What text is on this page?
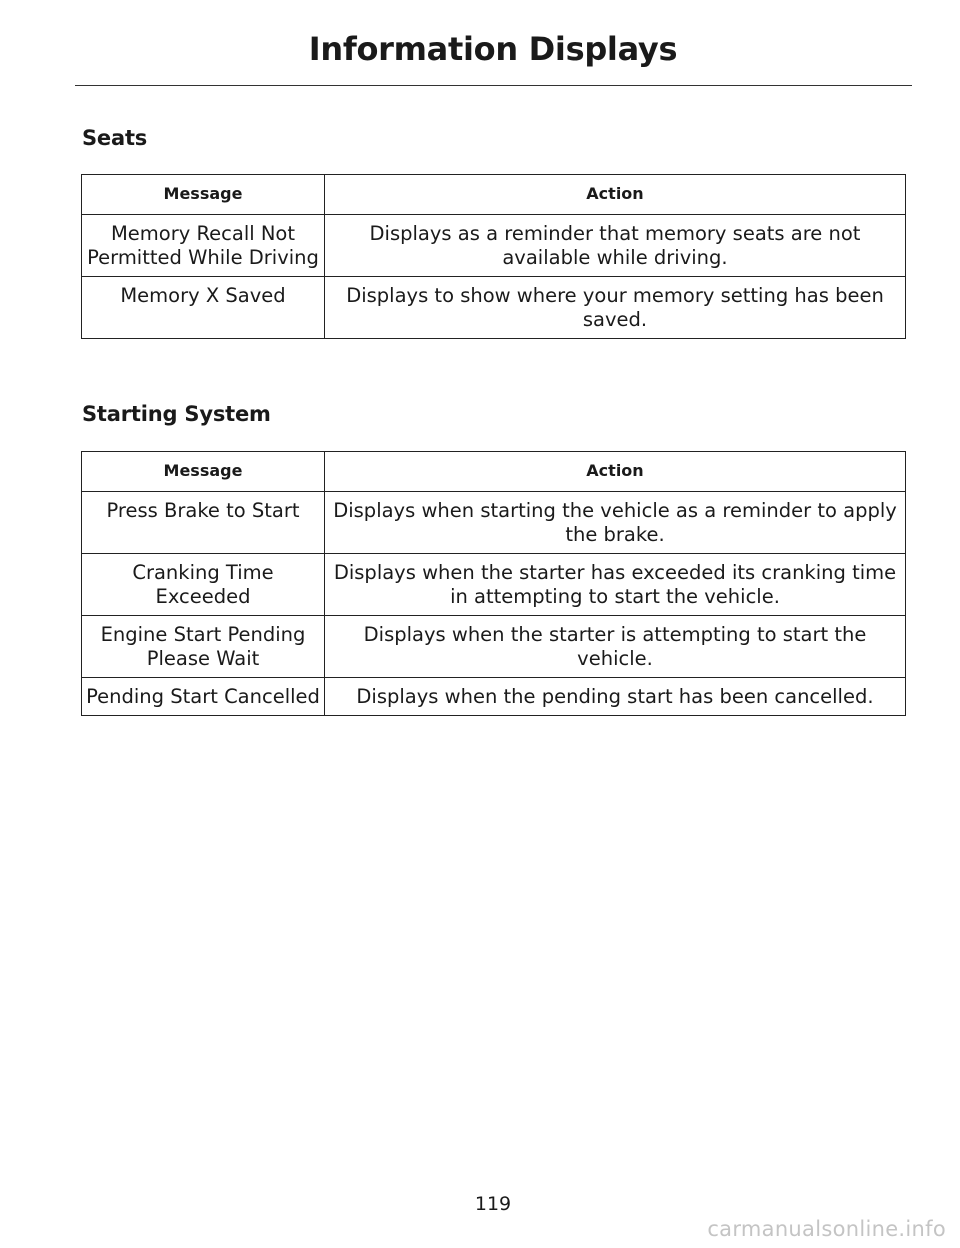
Information Displays
Seats
Message	Action
Memory Recall Not Permitted While Driving	Displays as a reminder that memory seats are not available while driving.
Memory X Saved	Displays to show where your memory setting has been saved.
Starting System
Message	Action
Press Brake to Start	Displays when starting the vehicle as a reminder to apply the brake.
Cranking Time Exceeded	Displays when the starter has exceeded its cranking time in attempting to start the vehicle.
Engine Start Pending Please Wait	Displays when the starter is attempting to start the vehicle.
Pending Start Cancelled	Displays when the pending start has been cancelled.
119
carmanualsonline.info
